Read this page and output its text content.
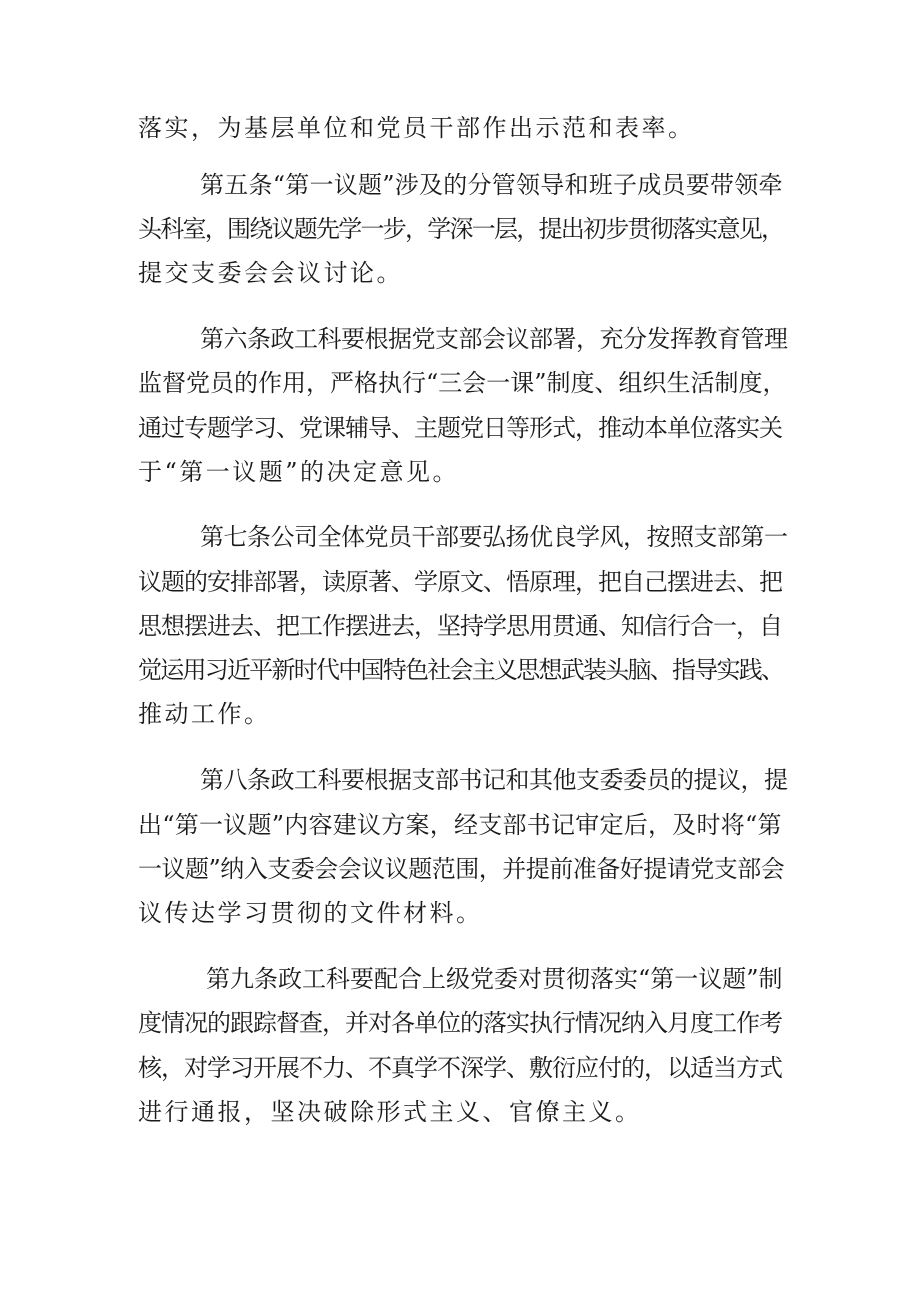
落实，为基层单位和党员干部作出示范和表率。
第五条“第一议题”涉及的分管领导和班子成员要带领牵
头科室，围绕议题先学一步，学深一层，提出初步贯彻落实意见，
提交支委会会议讨论。
第六条政工科要根据党支部会议部署，充分发挥教育管理
监督党员的作用，严格执行“三会一课”制度、组织生活制度，
通过专题学习、党课辅导、主题党日等形式，推动本单位落实关
于“第一议题”的决定意见。
第七条公司全体党员干部要弘扬优良学风，按照支部第一
议题的安排部署，读原著、学原文、悟原理，把自己摆进去、把
思想摆进去、把工作摆进去，坚持学思用贯通、知信行合一，自
觉运用习近平新时代中国特色社会主义思想武装头脑、指导实践、
推动工作。
第八条政工科要根据支部书记和其他支委委员的提议，提
出“第一议题”内容建议方案，经支部书记审定后，及时将“第
一议题”纳入支委会会议议题范围，并提前准备好提请党支部会
议传达学习贯彻的文件材料。
第九条政工科要配合上级党委对贯彻落实“第一议题”制
度情况的跟踪督查，并对各单位的落实执行情况纳入月度工作考
核，对学习开展不力、不真学不深学、敷衍应付的，以适当方式
进行通报，坚决破除形式主义、官僚主义。
